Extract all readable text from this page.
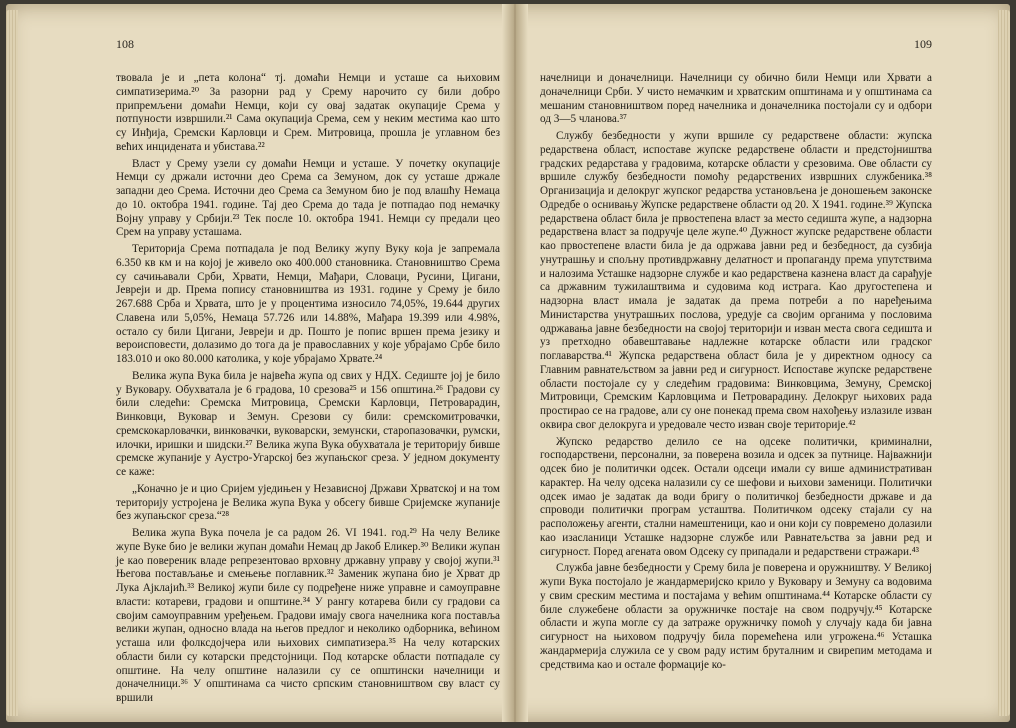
108

твовала је и „пета колона“ тј. домаћи Немци и усташе са њиховим симпатизерима.²⁰ За разорни рад у Срему нарочито су били добро припремљени домаћи Немци, који су овај задатак окупације Срема у потпуности извршили.²¹ Сама окупација Срема, сем у неким местима као што су Инђија, Сремски Карловци и Срем. Митровица, прошла је углавном без већих инцидената и убистава.²²

Власт у Срему узели су домаћи Немци и усташе. У почетку окупације Немци су држали источни део Срема са Земуном, док су усташе држале западни део Срема. Источни део Срема са Земуном био је под влашћу Немаца до 10. октобра 1941. године. Тај део Срема до тада је потпадао под немачку Војну управу у Србији.²³ Тек после 10. октобра 1941. Немци су предали цео Срем на управу усташама.

Територија Срема потпадала је под Велику жупу Вуку која је запремала 6.350 кв км и на којој је живело око 400.000 становника. Становништво Срема су сачињавали Срби, Хрвати, Немци, Мађари, Словаци, Русини, Цигани, Јевреји и др. Према попису становништва из 1931. године у Срему је било 267.688 Срба и Хрвата, што је у процентима износило 74,05%, 19.644 других Славена или 5,05%, Немаца 57.726 или 14.88%, Мађара 19.399 или 4.98%, остало су били Цигани, Јевреји и др. Пошто је попис вршен према језику и вероисповести, долазимо до тога да је православних у којe убрајамо Србе било 183.010 и око 80.000 католика, у које убрајамо Хрвате.²⁴

Велика жупа Вука била је највећа жупа од свих у НДХ. Седиште јој је било у Вуковару. Обухватала је 6 градова, 10 срезова²⁵ и 156 општина.²⁶ Градови су били следећи: Сремска Митровица, Сремски Карловци, Петроварадин, Винковци, Вуковар и Земун. Срезови су били: сремскомитровачки, сремскокарловачки, винковачки, вуковарски, земунски, старопазовачки, румски, илочки, иришки и шидски.²⁷ Велика жупа Вука обухватала је територију бивше сремске жупаније у Аустро-Угарској без жупањског среза. У једном документу се каже:

„Коначно је и цио Сријем уједињен у Независној Држави Хрватској и на том територију устројена је Велика жупа Вука у обсегу бивше Сријемске жупаније без жупањског среза.“²⁸

Велика жупа Вука почела је са радом 26. VI 1941. год.²⁹ На челу Велике жупе Вуке био је велики жупан домаћи Немац др Јакоб Еликер.³⁰ Велики жупан је као повереник владе репрезентовао врховну државну управу у својој жупи.³¹ Његова постављање и смењење поглавник.³² Заменик жупана био је Хрват др Лука Ајклајић.³³ Великој жупи биле су подређене ниже управне и самоуправне власти: котареви, градови и општине.³⁴ У рангу котарева били су градови са својим самоуправним уређењем. Градови имају свога начелника кога поставља велики жупан, односно влада на његов предлог и неколико одборника, већином усташа или фолксдојчера или њихових симпатизера.³⁵ На челу котарских области били су котарски предстојници. Под котарске области потпадале су општине. На челу општине налазили су се општински начелници и доначелници.³⁶ У општинама са чисто српским становништвом сву власт су вршили

109

начелници и доначелници. Начелници су обично били Немци или Хрвати а доначелници Срби. У чисто немачким и хрватским општинама и у општинама са мешаним становништвом поред начелника и доначелника постојали су и одбори од 3—5 чланова.³⁷

Службу безбедности у жупи вршиле су редарствене области: жупска редарствена област, испоставе жупске редарствене области и предстојништва градских редарстава у градовима, котарске области у срезовима. Ове области су вршиле службу безбедности помоћу редарствених извршних службеника.³⁸ Организација и делокруг жупског редарства установљена је доношењем законске Одредбе о оснивању Жупске редарствене области од 20. X 1941. године.³⁹ Жупска редарствена област била је првостепена власт за место седишта жупе, а надзорна редарствена власт за подручје целе жупе.⁴⁰ Дужност жупске редарствене области као првостепене власти била је да одржава јавни ред и безбедност, да сузбија унутрашњу и спољну противдржавну делатност и пропаганду према упутствима и налозима Усташке надзорне службе и као редарствена казнена власт да сарађује са државним тужилаштвима и судовима код истрага. Као другостепена и надзорна власт имала је задатак да према потреби а по наређењима Министарства унутрашњих послова, уредује са својим органима у пословима одржавања јавне безбедности на својој територији и изван места свога седишта и уз претходно обавештавање надлежне котарске области или градског поглаварства.⁴¹ Жупска редарствена област била је у директном односу са Главним равнатељством за јавни ред и сигурност. Испоставе жупске редарствене области постојале су у следећим градовима: Винковцима, Земуну, Сремској Митровици, Сремским Карловцима и Петроварадину. Делокруг њихових рада простирао се на градове, али су оне понекад према свом нахођењу излазиле изван оквира свог делокруга и уредовале често изван своје територије.⁴²

Жупско редарство делило се на одсеке политички, криминални, господарствени, персонални, за поверена возила и одсек за путнице. Најважнији одсек био је политички одсек. Остали одсеци имали су више административан карактер. На челу одсека налазили су се шефови и њихови заменици. Политички одсек имао је задатак да води бригу о политичкој безбедности државе и да спроводи политички програм усташтва. Политичком одсеку стајали су на расположењу агенти, стални намештеници, као и они који су повремено долазили као изасланици Усташке надзорне службе или Равнатељства за јавни ред и сигурност. Поред агената овом Одсеку су припадали и редарствени стражари.⁴³

Служба јавне безбедности у Срему била је поверена и оружништву. У Великој жупи Вука постојало је жандармеријско крило у Вуковару и Земуну са водовима у свим среским местима и постајама у већим општинама.⁴⁴ Котарске области су биле служебене области за оружничке постаје на свом подручју.⁴⁵ Котарске области и жупа могле су да затраже оружничку помоћ у случају када би јавна сигурност на њиховом подручју била поремећена или угрожена.⁴⁶ Усташка жандармерија служила се у свом раду истим бруталним и свирепим методама и средствима као и остале формације ко-
